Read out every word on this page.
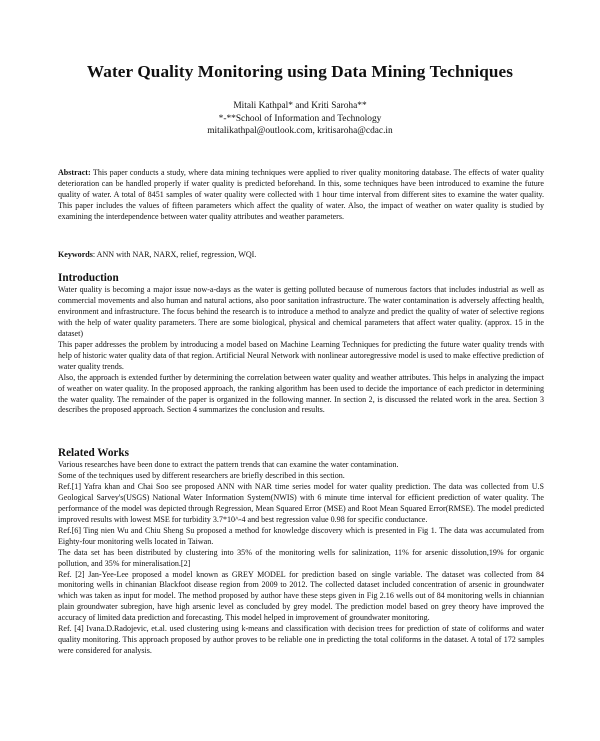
Water Quality Monitoring using Data Mining Techniques
Mitali Kathpal* and Kriti Saroha**
*-**School of Information and Technology
mitalikathpal@outlook.com, kritisaroha@cdac.in

Abstract: This paper conducts a study, where data mining techniques were applied to river quality monitoring database. The effects of water quality deterioration can be handled properly if water quality is predicted beforehand. In this, some techniques have been introduced to examine the future quality of water. A total of 8451 samples of water quality were collected with 1 hour time interval from different sites to examine the water quality. This paper includes the values of fifteen parameters which affect the quality of water. Also, the impact of weather on water quality is studied by examining the interdependence between water quality attributes and weather parameters.

Keywords: ANN with NAR, NARX, relief, regression, WQI.

Introduction

Water quality is becoming a major issue now-a-days as the water is getting polluted because of numerous factors that includes industrial as well as commercial movements and also human and natural actions, also poor sanitation infrastructure. The water contamination is adversely affecting health, environment and infrastructure. The focus behind the research is to introduce a method to analyze and predict the quality of water of selective regions with the help of water quality parameters. There are some biological, physical and chemical parameters that affect water quality. (approx. 15 in the dataset)

This paper addresses the problem by introducing a model based on Machine Learning Techniques for predicting the future water quality trends with help of historic water quality data of that region. Artificial Neural Network with nonlinear autoregressive model is used to make effective prediction of water quality trends.

Also, the approach is extended further by determining the correlation between water quality and weather attributes. This helps in analyzing the impact of weather on water quality. In the proposed approach, the ranking algorithm has been used to decide the importance of each predictor in determining the water quality. The remainder of the paper is organized in the following manner. In section 2, is discussed the related work in the area. Section 3 describes the proposed approach. Section 4 summarizes the conclusion and results.

Related Works

Various researches have been done to extract the pattern trends that can examine the water contamination.

Some of the techniques used by different researchers are briefly described in this section.

Ref.[1] Yafra khan and Chai Soo see proposed ANN with NAR time series model for water quality prediction. The data was collected from U.S Geological Sarvey's(USGS) National Water Information System(NWIS) with 6 minute time interval for efficient prediction of water quality. The performance of the model was depicted through Regression, Mean Squared Error (MSE) and Root Mean Squared Error(RMSE). The model predicted improved results with lowest MSE for turbidity 3.7*10^-4 and best regression value 0.98 for specific conductance.

Ref.[6] Ting nien Wu and Chiu Sheng Su proposed a method for knowledge discovery which is presented in Fig 1. The data was accumulated from Eighty-four monitoring wells located in Taiwan.

The data set has been distributed by clustering into 35% of the monitoring wells for salinization, 11% for arsenic dissolution,19% for organic pollution, and 35% for mineralisation.[2]

Ref. [2] Jan-Yee-Lee proposed a model known as GREY MODEL for prediction based on single variable. The dataset was collected from 84 monitoring wells in chinanian Blackfoot disease region from 2009 to 2012. The collected dataset included concentration of arsenic in groundwater which was taken as input for model. The method proposed by author have these steps given in Fig 2.16 wells out of 84 monitoring wells in chiannian plain groundwater subregion, have high arsenic level as concluded by grey model. The prediction model based on grey theory have improved the accuracy of limited data prediction and forecasting. This model helped in improvement of groundwater monitoring.

Ref. [4] Ivana.D.Radojevic, et.al. used clustering using k-means and classification with decision trees for prediction of state of coliforms and water quality monitoring. This approach proposed by author proves to be reliable one in predicting the total coliforms in the dataset. A total of 172 samples were considered for analysis.
